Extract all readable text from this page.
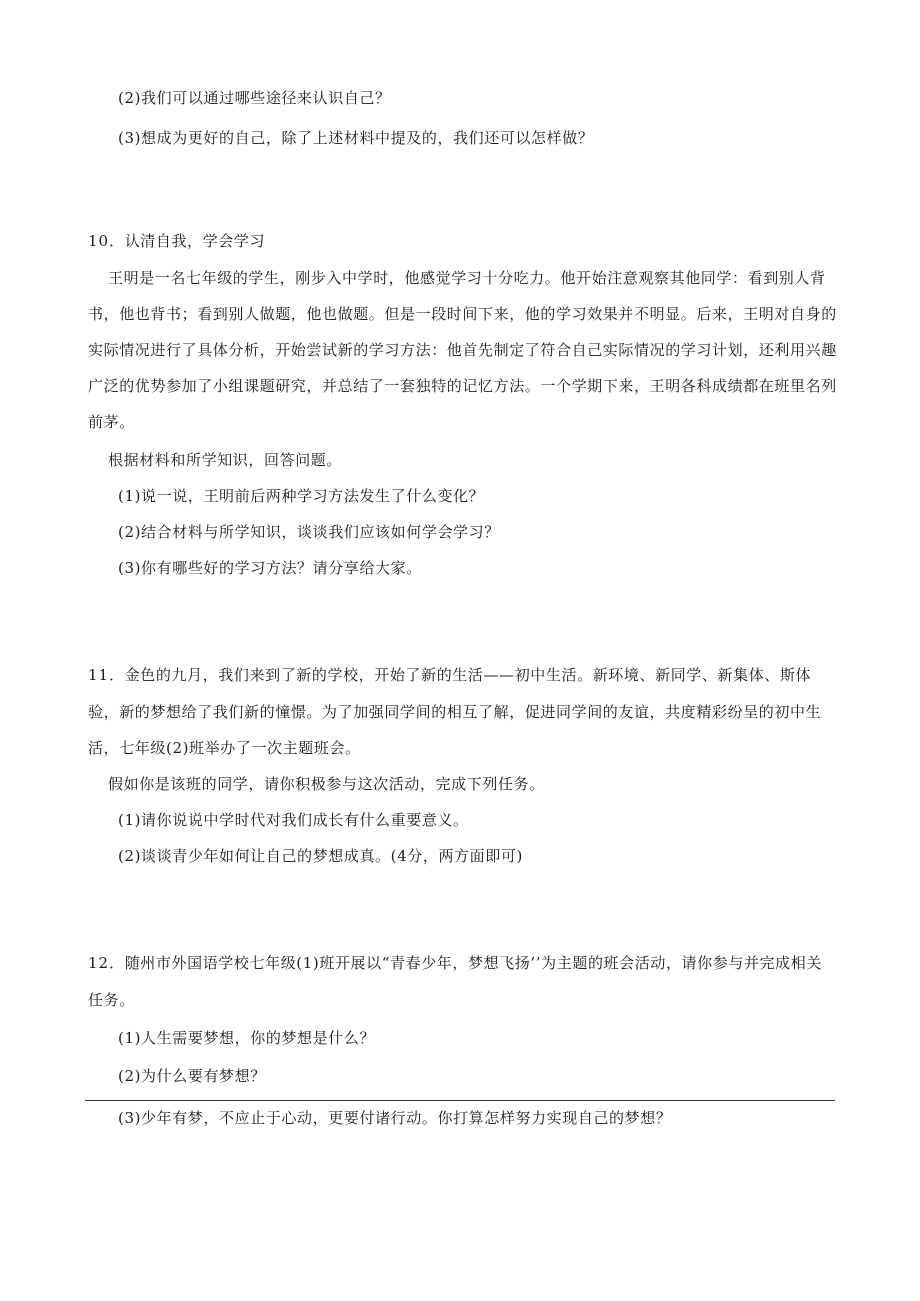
(2)我们可以通过哪些途径来认识自己？
(3)想成为更好的自己，除了上述材料中提及的，我们还可以怎样做？
10．认清自我，学会学习
王明是一名七年级的学生，刚步入中学时，他感觉学习十分吃力。他开始注意观察其他同学：看到别人背
书，他也背书；看到别人做题，他也做题。但是一段时间下来，他的学习效果并不明显。后来，王明对自身的
实际情况进行了具体分析，开始尝试新的学习方法：他首先制定了符合自己实际情况的学习计划，还利用兴趣
广泛的优势参加了小组课题研究，并总结了一套独特的记忆方法。一个学期下来，王明各科成绩都在班里名列
前茅。
根据材料和所学知识，回答问题。
(1)说一说，王明前后两种学习方法发生了什么变化？
(2)结合材料与所学知识，谈谈我们应该如何学会学习？
(3)你有哪些好的学习方法？请分享给大家。
11．金色的九月，我们来到了新的学校，开始了新的生活——初中生活。新环境、新同学、新集体、斯体
验，新的梦想给了我们新的憧憬。为了加强同学间的相互了解，促进同学间的友谊，共度精彩纷呈的初中生
活，七年级(2)班举办了一次主题班会。
假如你是该班的同学，请你积极参与这次活动，完成下列任务。
(1)请你说说中学时代对我们成长有什么重要意义。
(2)谈谈青少年如何让自己的梦想成真。(4分，两方面即可)
12．随州市外国语学校七年级(1)班开展以“青春少年，梦想飞扬’’为主题的班会活动，请你参与并完成相关
任务。
(1)人生需要梦想，你的梦想是什么？
(2)为什么要有梦想？
(3)少年有梦，不应止于心动，更要付诸行动。你打算怎样努力实现自己的梦想？
